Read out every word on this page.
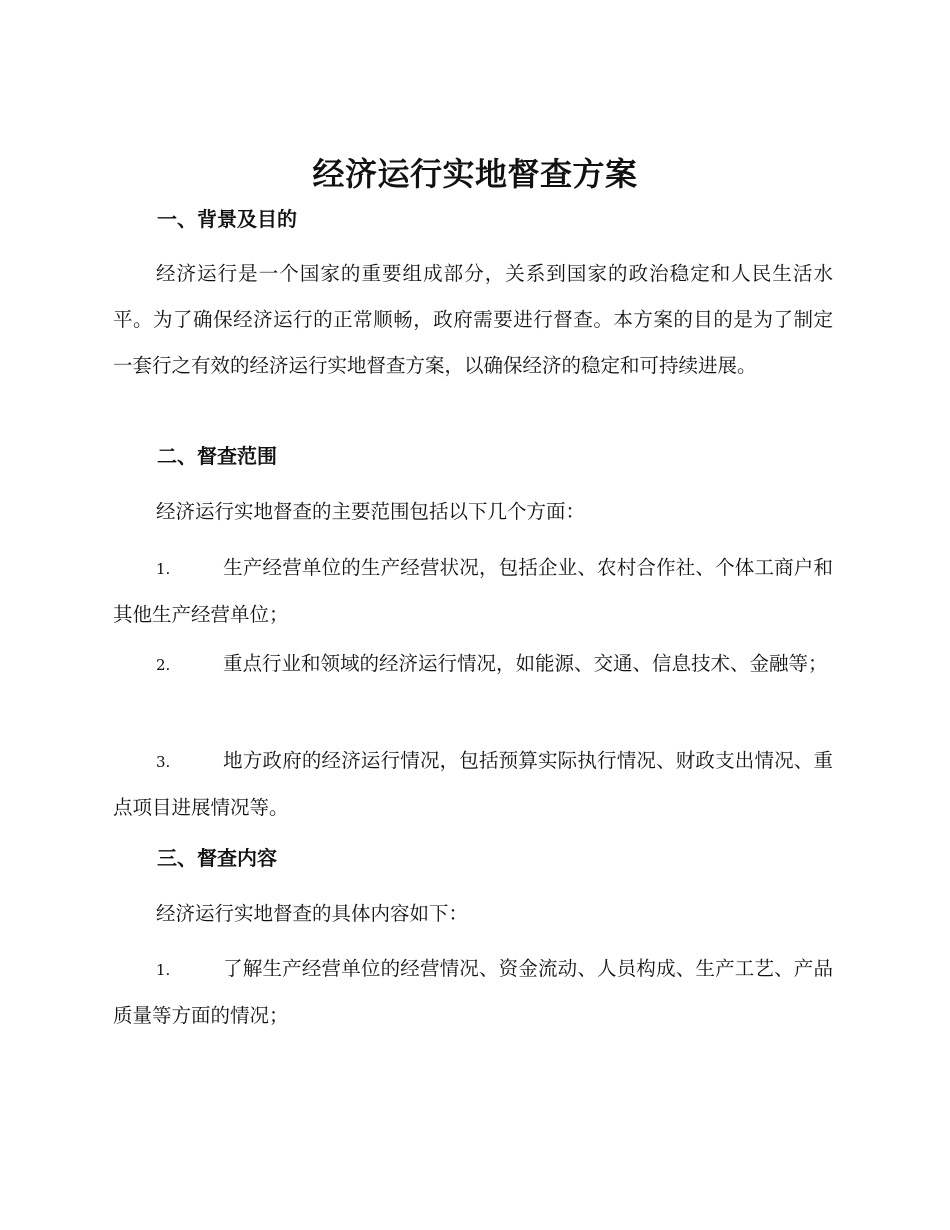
经济运行实地督查方案
一、背景及目的

经济运行是一个国家的重要组成部分，关系到国家的政治稳定和人民生活水平。为了确保经济运行的正常顺畅，政府需要进行督查。本方案的目的是为了制定一套行之有效的经济运行实地督查方案，以确保经济的稳定和可持续进展。

二、督查范围

经济运行实地督查的主要范围包括以下几个方面：

1.	生产经营单位的生产经营状况，包括企业、农村合作社、个体工商户和其他生产经营单位；

2.	重点行业和领域的经济运行情况，如能源、交通、信息技术、金融等；

3.	地方政府的经济运行情况，包括预算实际执行情况、财政支出情况、重点项目进展情况等。

三、督查内容

经济运行实地督查的具体内容如下：

1.	了解生产经营单位的经营情况、资金流动、人员构成、生产工艺、产品质量等方面的情况；
